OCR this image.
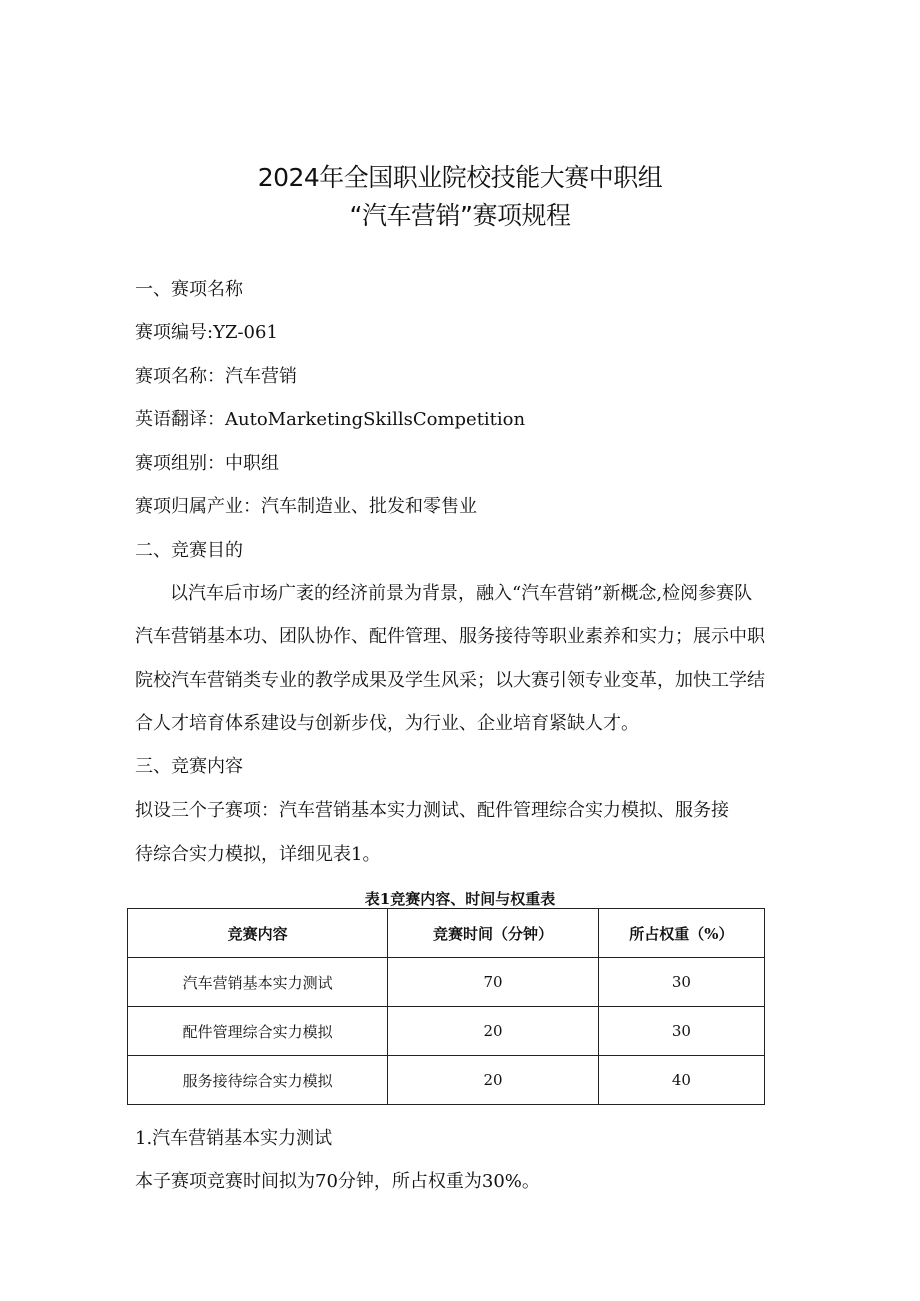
2024年全国职业院校技能大赛中职组
“汽车营销”赛项规程
一、赛项名称
赛项编号:YZ-061
赛项名称：汽车营销
英语翻译：AutoMarketingSkillsCompetition
赛项组别：中职组
赛项归属产业：汽车制造业、批发和零售业
二、竞赛目的
以汽车后市场广袤的经济前景为背景，融入“汽车营销”新概念,检阅参赛队
汽车营销基本功、团队协作、配件管理、服务接待等职业素养和实力；展示中职
院校汽车营销类专业的教学成果及学生风采；以大赛引领专业变革，加快工学结
合人才培育体系建设与创新步伐，为行业、企业培育紧缺人才。
三、竞赛内容
拟设三个子赛项：汽车营销基本实力测试、配件管理综合实力模拟、服务接
待综合实力模拟，详细见表1。
表1竞赛内容、时间与权重表
竞赛内容	竞赛时间（分钟）	所占权重（%）
汽车营销基本实力测试	70	30
配件管理综合实力模拟	20	30
服务接待综合实力模拟	20	40
1.汽车营销基本实力测试
本子赛项竞赛时间拟为70分钟，所占权重为30%。
